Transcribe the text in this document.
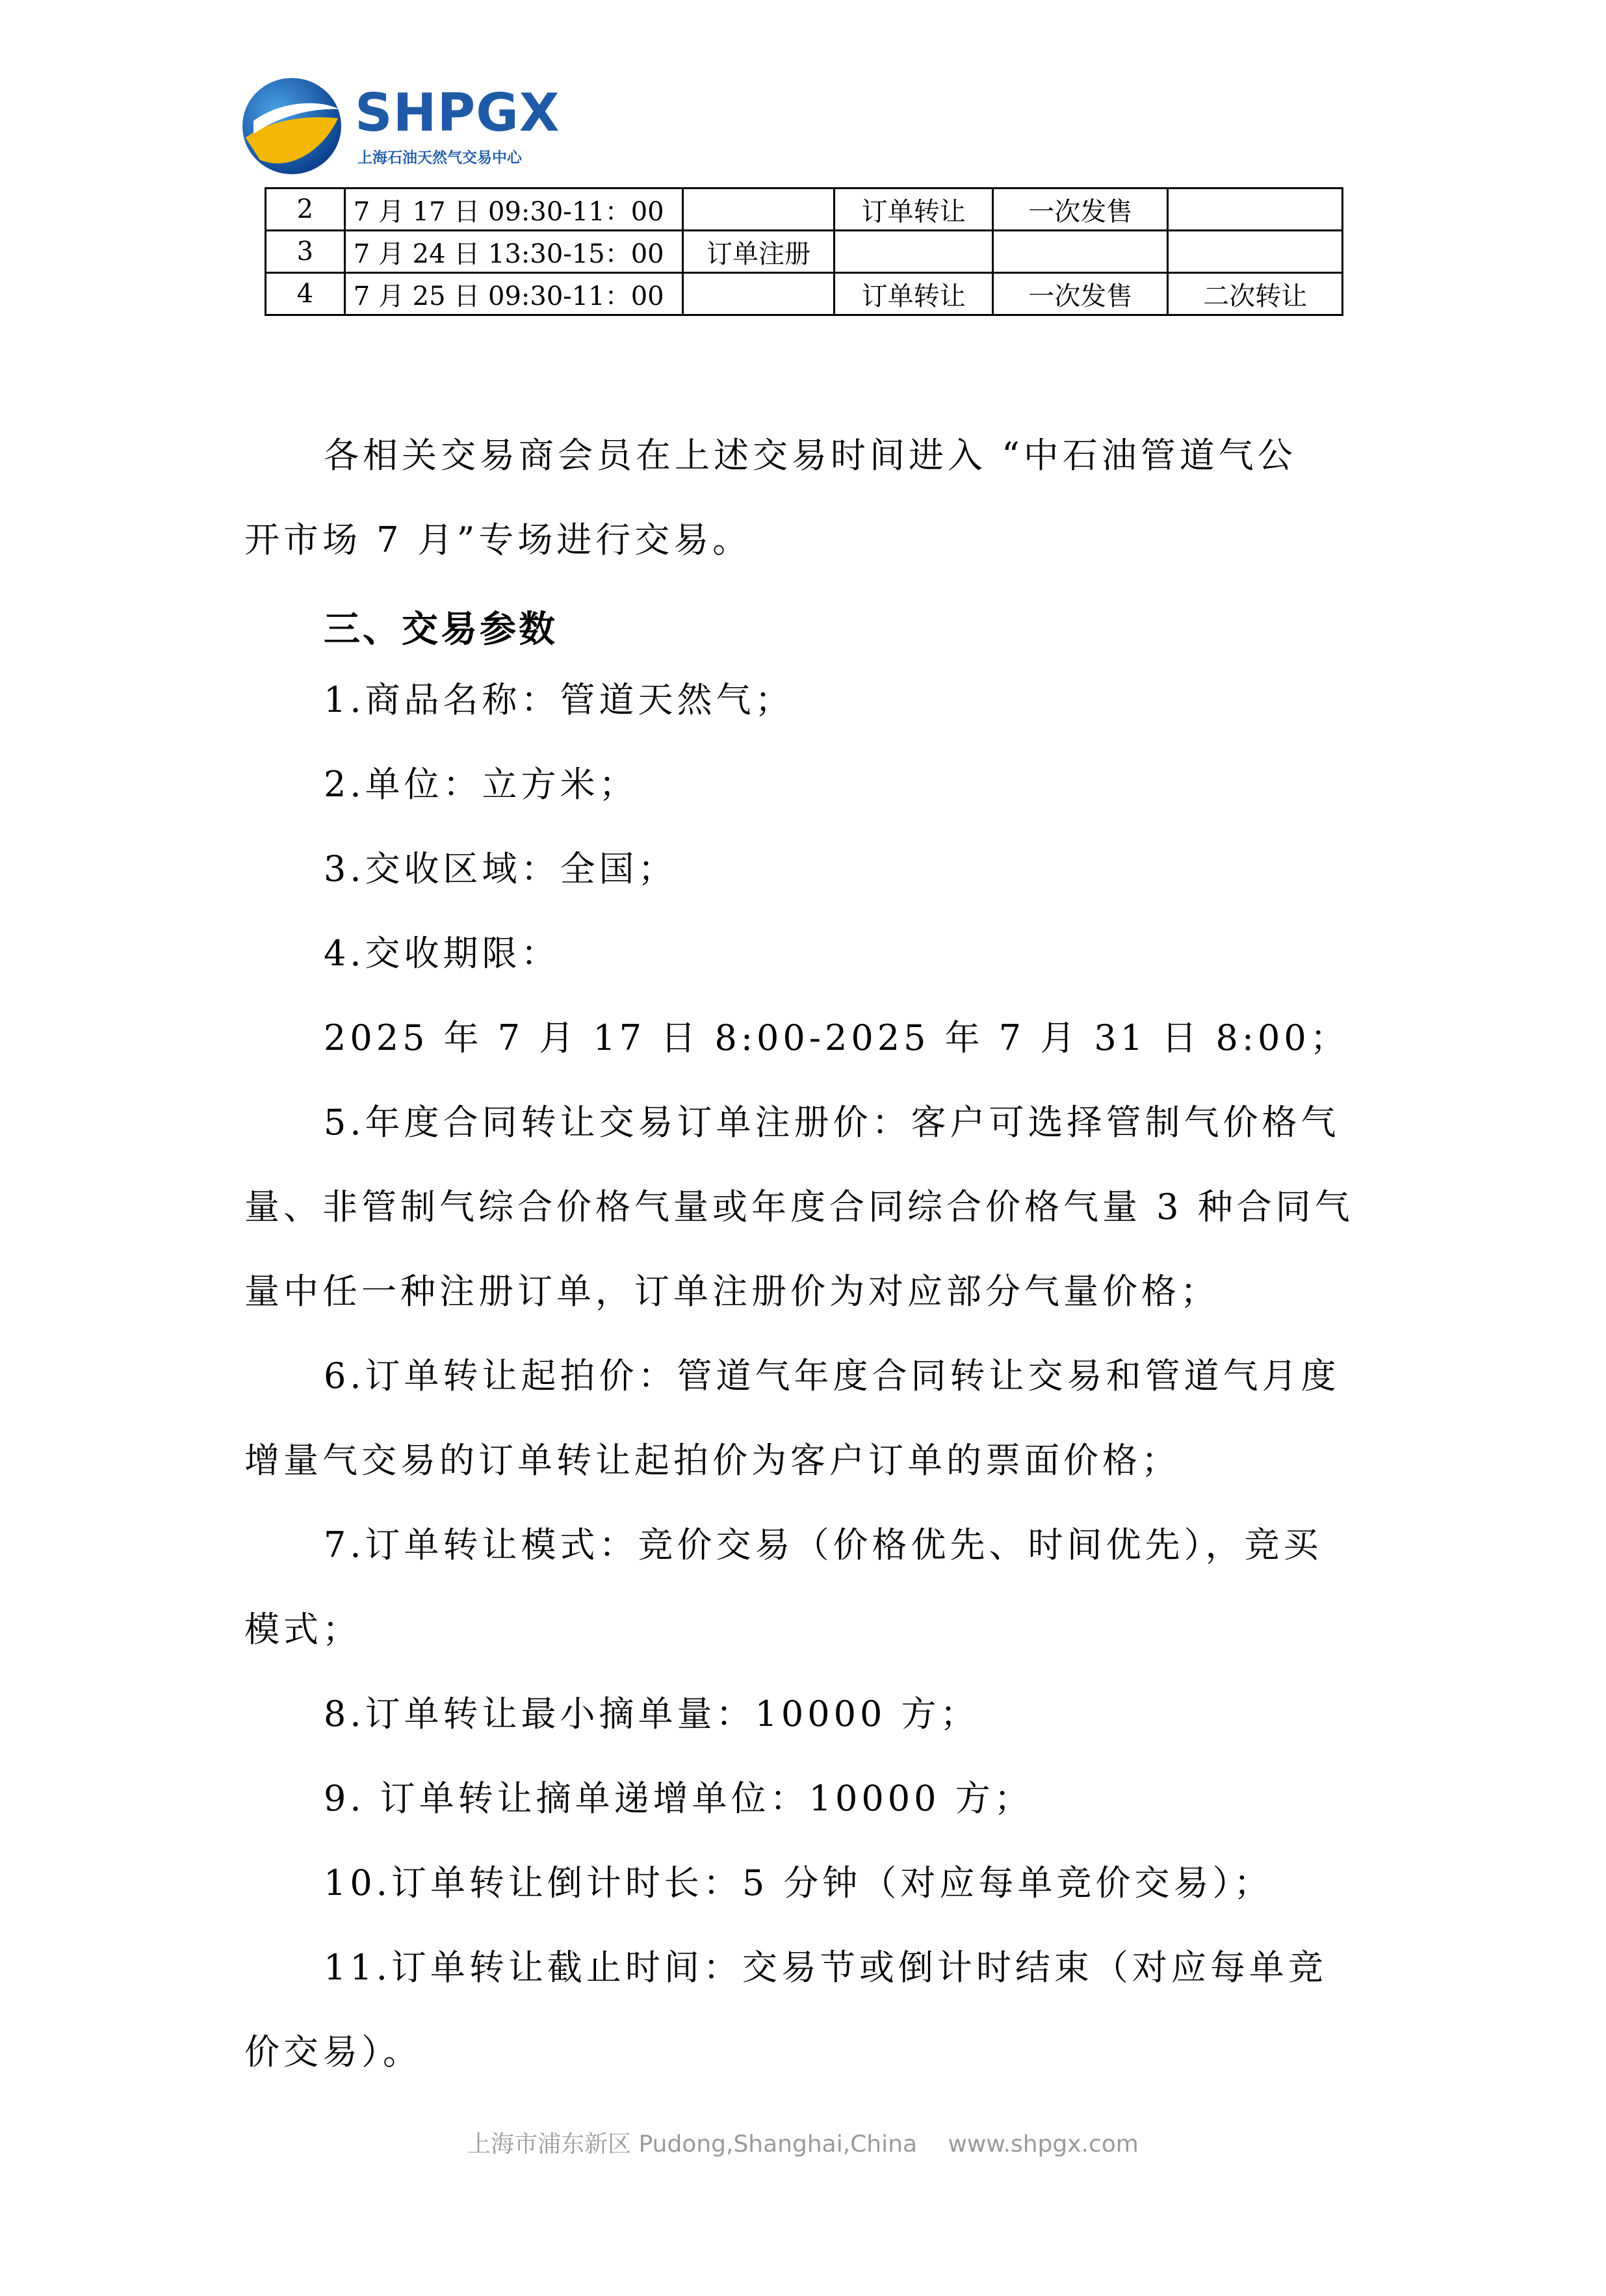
SHPGX
上海石油天然气交易中心
2	7 月 17 日 09:30-11：00		订单转让	一次发售	
3	7 月 24 日 13:30-15：00	订单注册			
4	7 月 25 日 09:30-11：00		订单转让	一次发售	二次转让
各相关交易商会员在上述交易时间进入 “中石油管道气公
开市场 7 月”专场进行交易。
三、交易参数
1.商品名称：管道天然气；
2.单位：立方米；
3.交收区域：全国；
4.交收期限：
2025 年 7 月 17 日 8:00-2025 年 7 月 31 日 8:00；
5.年度合同转让交易订单注册价：客户可选择管制气价格气
量、非管制气综合价格气量或年度合同综合价格气量 3 种合同气
量中任一种注册订单，订单注册价为对应部分气量价格；
6.订单转让起拍价：管道气年度合同转让交易和管道气月度
增量气交易的订单转让起拍价为客户订单的票面价格；
7.订单转让模式：竞价交易（价格优先、时间优先），竞买
模式；
8.订单转让最小摘单量：10000 方；
9. 订单转让摘单递增单位：10000 方；
10.订单转让倒计时长：5 分钟（对应每单竞价交易）；
11.订单转让截止时间：交易节或倒计时结束（对应每单竞
价交易）。
上海市浦东新区 Pudong,Shanghai,China www.shpgx.com
